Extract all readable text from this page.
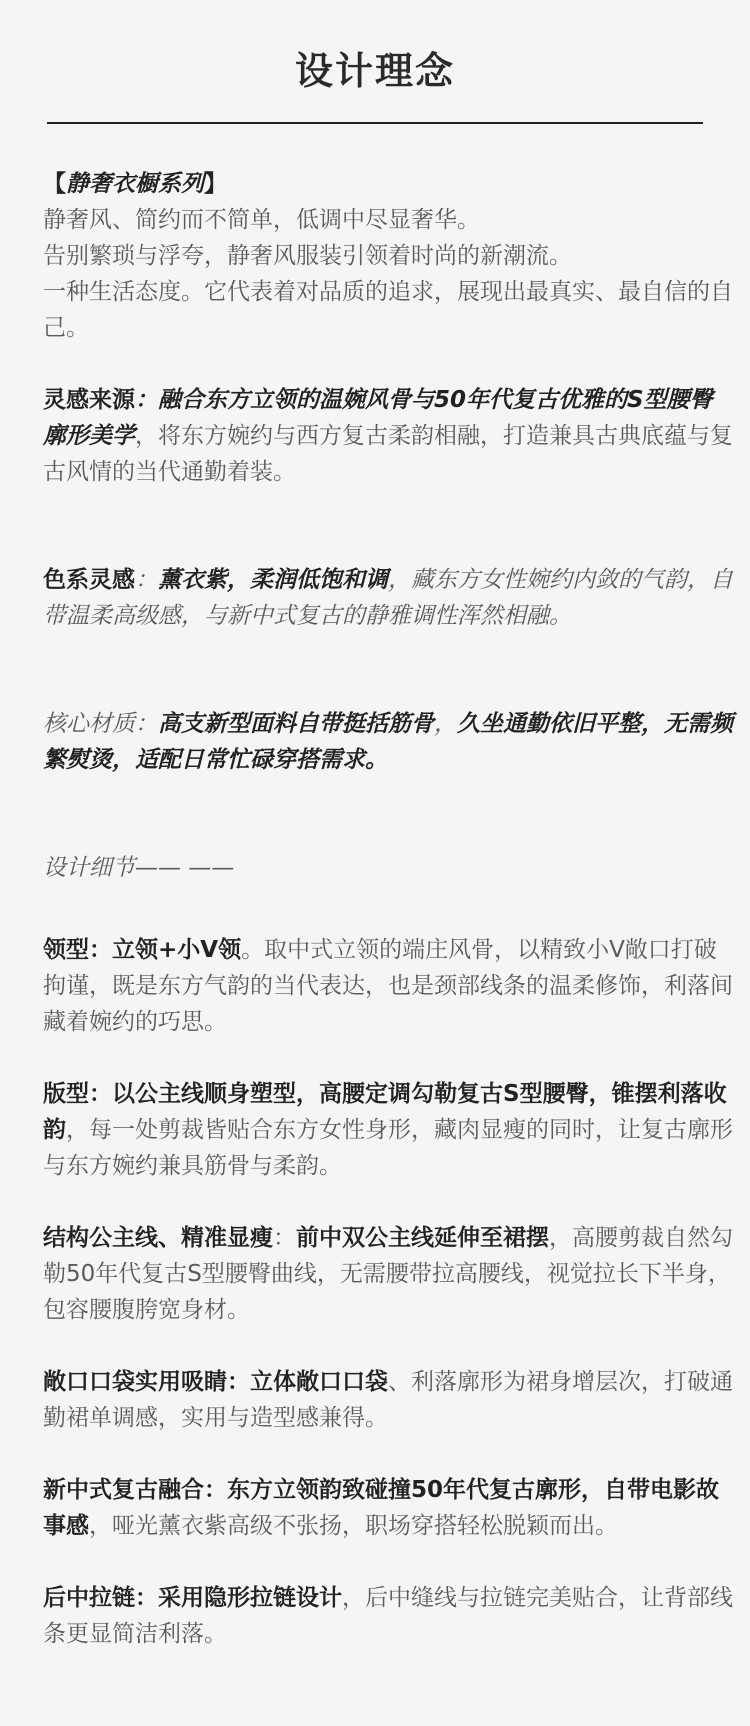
设计理念

【静奢衣橱系列】

静奢风、简约而不简单，低调中尽显奢华。

告别繁琐与浮夸，静奢风服装引领着时尚的新潮流。

一种生活态度。它代表着对品质的追求，展现出最真实、最自信的自己。

灵感来源：融合东方立领的温婉风骨与50年代复古优雅的S型腰臀廓形美学，将东方婉约与西方复古柔韵相融，打造兼具古典底蕴与复古风情的当代通勤着装。

色系灵感：薰衣紫，柔润低饱和调，藏东方女性婉约内敛的气韵，自带温柔高级感，与新中式复古的静雅调性浑然相融。

核心材质：高支新型面料自带挺括筋骨，久坐通勤依旧平整，无需频繁熨烫，适配日常忙碌穿搭需求。

设计细节—— ——

领型：立领+小V领。取中式立领的端庄风骨，以精致小V敞口打破拘谨，既是东方气韵的当代表达，也是颈部线条的温柔修饰，利落间藏着婉约的巧思。

版型：以公主线顺身塑型，高腰定调勾勒复古S型腰臀，锥摆利落收韵，每一处剪裁皆贴合东方女性身形，藏肉显瘦的同时，让复古廓形与东方婉约兼具筋骨与柔韵。

结构公主线、精准显瘦：前中双公主线延伸至裙摆，高腰剪裁自然勾勒50年代复古S型腰臀曲线，无需腰带拉高腰线，视觉拉长下半身，包容腰腹胯宽身材。

敞口口袋实用吸睛：立体敞口口袋、利落廓形为裙身增层次，打破通勤裙单调感，实用与造型感兼得。

新中式复古融合：东方立领韵致碰撞50年代复古廓形，自带电影故事感，哑光薰衣紫高级不张扬，职场穿搭轻松脱颖而出。

后中拉链：采用隐形拉链设计，后中缝线与拉链完美贴合，让背部线条更显简洁利落。
